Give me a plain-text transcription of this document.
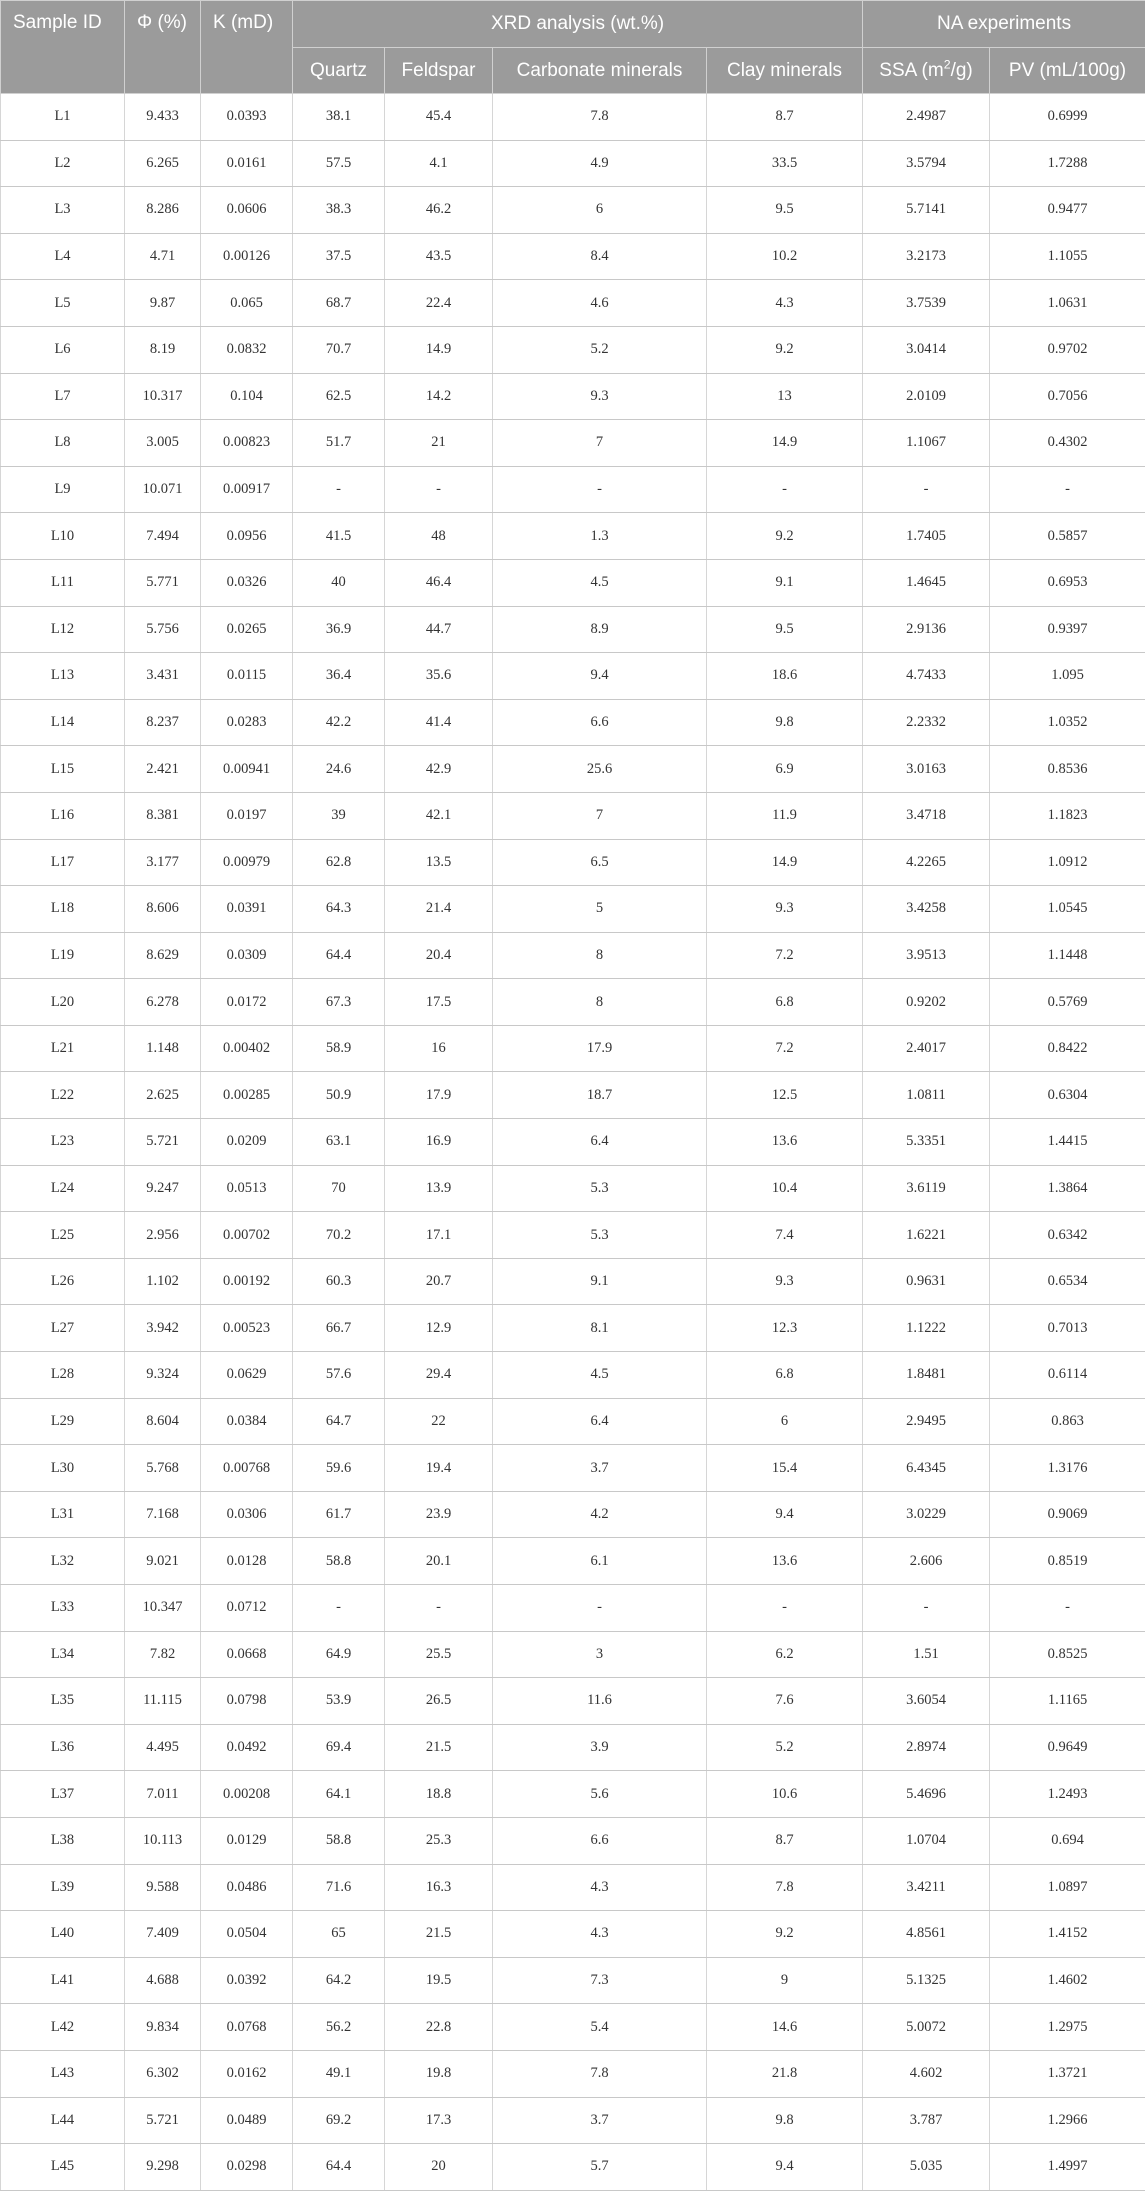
Sample ID	Φ (%)	K (mD)	XRD analysis (wt.%)				NA experiments	
			Quartz	Feldspar	Carbonate minerals	Clay minerals	SSA $(m^2/g)$	PV (mL/100g)
L1	9.433	0.0393	38.1	45.4	7.8	8.7	2.4987	0.6999
L2	6.265	0.0161	57.5	4.1	4.9	33.5	3.5794	1.7288
L3	8.286	0.0606	38.3	46.2	6	9.5	5.7141	0.9477
L4	4.71	0.00126	37.5	43.5	8.4	10.2	3.2173	1.1055
L5	9.87	0.065	68.7	22.4	4.6	4.3	3.7539	1.0631
L6	8.19	0.0832	70.7	14.9	5.2	9.2	3.0414	0.9702
L7	10.317	0.104	62.5	14.2	9.3	13	2.0109	0.7056
L8	3.005	0.00823	51.7	21	7	14.9	1.1067	0.4302
L9	10.071	0.00917	-	-	-	-	-	-
L10	7.494	0.0956	41.5	48	1.3	9.2	1.7405	0.5857
L11	5.771	0.0326	40	46.4	4.5	9.1	1.4645	0.6953
L12	5.756	0.0265	36.9	44.7	8.9	9.5	2.9136	0.9397
L13	3.431	0.0115	36.4	35.6	9.4	18.6	4.7433	1.095
L14	8.237	0.0283	42.2	41.4	6.6	9.8	2.2332	1.0352
L15	2.421	0.00941	24.6	42.9	25.6	6.9	3.0163	0.8536
L16	8.381	0.0197	39	42.1	7	11.9	3.4718	1.1823
L17	3.177	0.00979	62.8	13.5	6.5	14.9	4.2265	1.0912
L18	8.606	0.0391	64.3	21.4	5	9.3	3.4258	1.0545
L19	8.629	0.0309	64.4	20.4	8	7.2	3.9513	1.1448
L20	6.278	0.0172	67.3	17.5	8	6.8	0.9202	0.5769
L21	1.148	0.00402	58.9	16	17.9	7.2	2.4017	0.8422
L22	2.625	0.00285	50.9	17.9	18.7	12.5	1.0811	0.6304
L23	5.721	0.0209	63.1	16.9	6.4	13.6	5.3351	1.4415
L24	9.247	0.0513	70	13.9	5.3	10.4	3.6119	1.3864
L25	2.956	0.00702	70.2	17.1	5.3	7.4	1.6221	0.6342
L26	1.102	0.00192	60.3	20.7	9.1	9.3	0.9631	0.6534
L27	3.942	0.00523	66.7	12.9	8.1	12.3	1.1222	0.7013
L28	9.324	0.0629	57.6	29.4	4.5	6.8	1.8481	0.6114
L29	8.604	0.0384	64.7	22	6.4	6	2.9495	0.863
L30	5.768	0.00768	59.6	19.4	3.7	15.4	6.4345	1.3176
L31	7.168	0.0306	61.7	23.9	4.2	9.4	3.0229	0.9069
L32	9.021	0.0128	58.8	20.1	6.1	13.6	2.606	0.8519
L33	10.347	0.0712	-	-	-	-	-	-
L34	7.82	0.0668	64.9	25.5	3	6.2	1.51	0.8525
L35	11.115	0.0798	53.9	26.5	11.6	7.6	3.6054	1.1165
L36	4.495	0.0492	69.4	21.5	3.9	5.2	2.8974	0.9649
L37	7.011	0.00208	64.1	18.8	5.6	10.6	5.4696	1.2493
L38	10.113	0.0129	58.8	25.3	6.6	8.7	1.0704	0.694
L39	9.588	0.0486	71.6	16.3	4.3	7.8	3.4211	1.0897
L40	7.409	0.0504	65	21.5	4.3	9.2	4.8561	1.4152
L41	4.688	0.0392	64.2	19.5	7.3	9	5.1325	1.4602
L42	9.834	0.0768	56.2	22.8	5.4	14.6	5.0072	1.2975
L43	6.302	0.0162	49.1	19.8	7.8	21.8	4.602	1.3721
L44	5.721	0.0489	69.2	17.3	3.7	9.8	3.787	1.2966
L45	9.298	0.0298	64.4	20	5.7	9.4	5.035	1.4997
